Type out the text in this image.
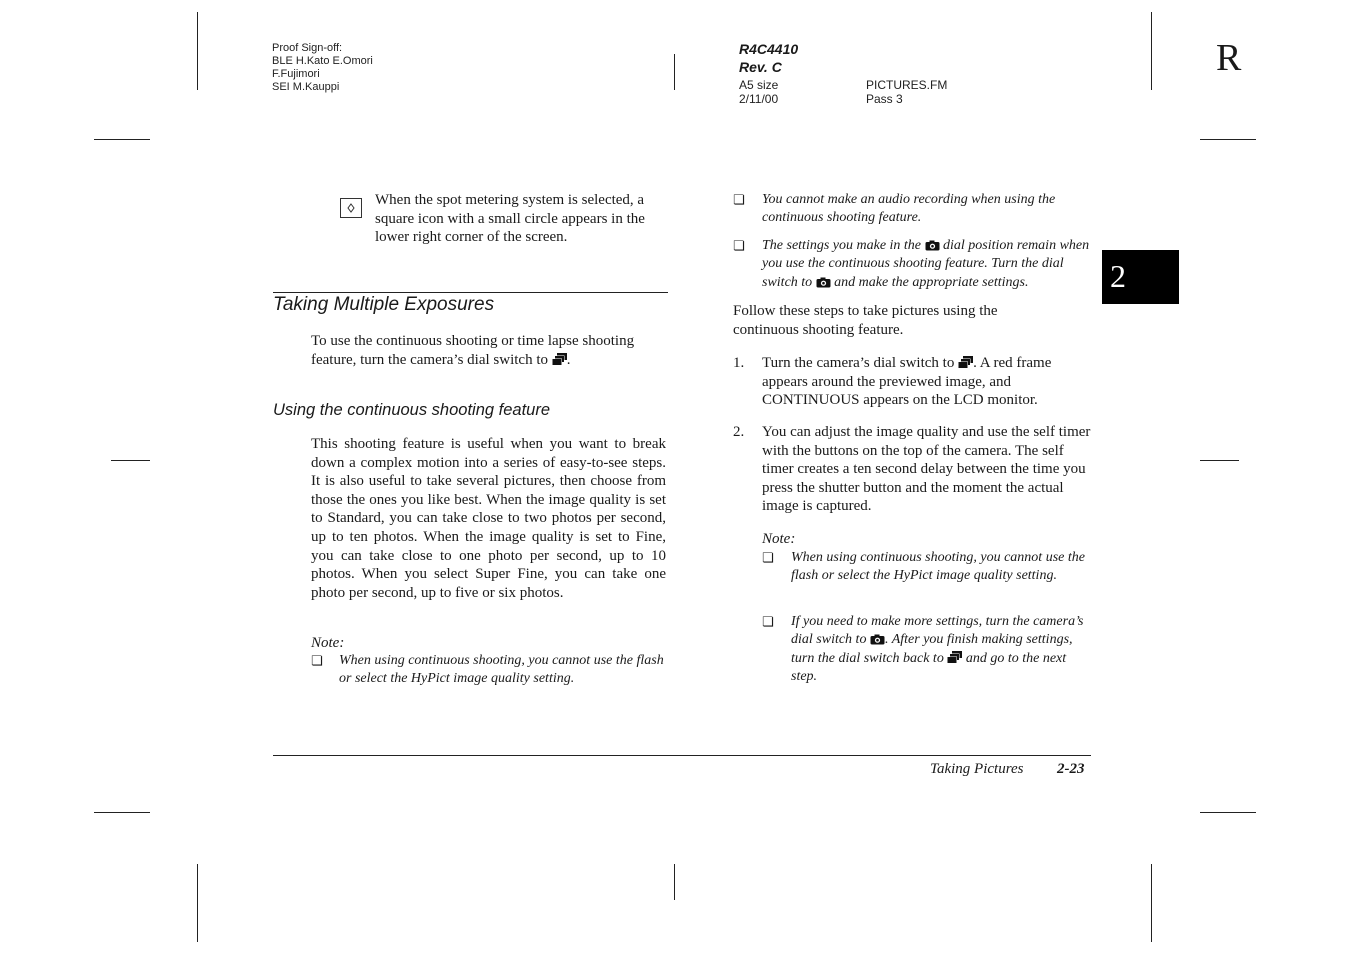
Proof Sign-off:
BLE H.Kato E.Omori
F.Fujimori
SEI M.Kauppi
R4C4410
Rev. C
A5 size
2/11/00
PICTURES.FM
Pass 3
R
2
When the spot metering system is selected, a square icon with a small circle appears in the lower right corner of the screen.
Taking Multiple Exposures
To use the continuous shooting or time lapse shooting feature, turn the camera’s dial switch to .
Using the continuous shooting feature
This shooting feature is useful when you want to break down a complex motion into a series of easy-to-see steps. It is also useful to take several pictures, then choose from those the ones you like best. When the image quality is set to Standard, you can take close to two photos per second, up to ten photos. When the image quality is set to Fine, you can take close to one photo per second, up to 10 photos. When you select Super Fine, you can take one photo per second, up to five or six photos.
Note:
❏ When using continuous shooting, you cannot use the flash or select the HyPict image quality setting.
❏ You cannot make an audio recording when using the continuous shooting feature.
❏ The settings you make in the dial position remain when you use the continuous shooting feature. Turn the dial switch to and make the appropriate settings.
Follow these steps to take pictures using the continuous shooting feature.
1. Turn the camera’s dial switch to . A red frame appears around the previewed image, and CONTINUOUS appears on the LCD monitor.
2. You can adjust the image quality and use the self timer with the buttons on the top of the camera. The self timer creates a ten second delay between the time you press the shutter button and the moment the actual image is captured.
Note:
❏ When using continuous shooting, you cannot use the flash or select the HyPict image quality setting.
❏ If you need to make more settings, turn the camera’s dial switch to . After you finish making settings, turn the dial switch back to and go to the next step.
Taking Pictures 2-23
